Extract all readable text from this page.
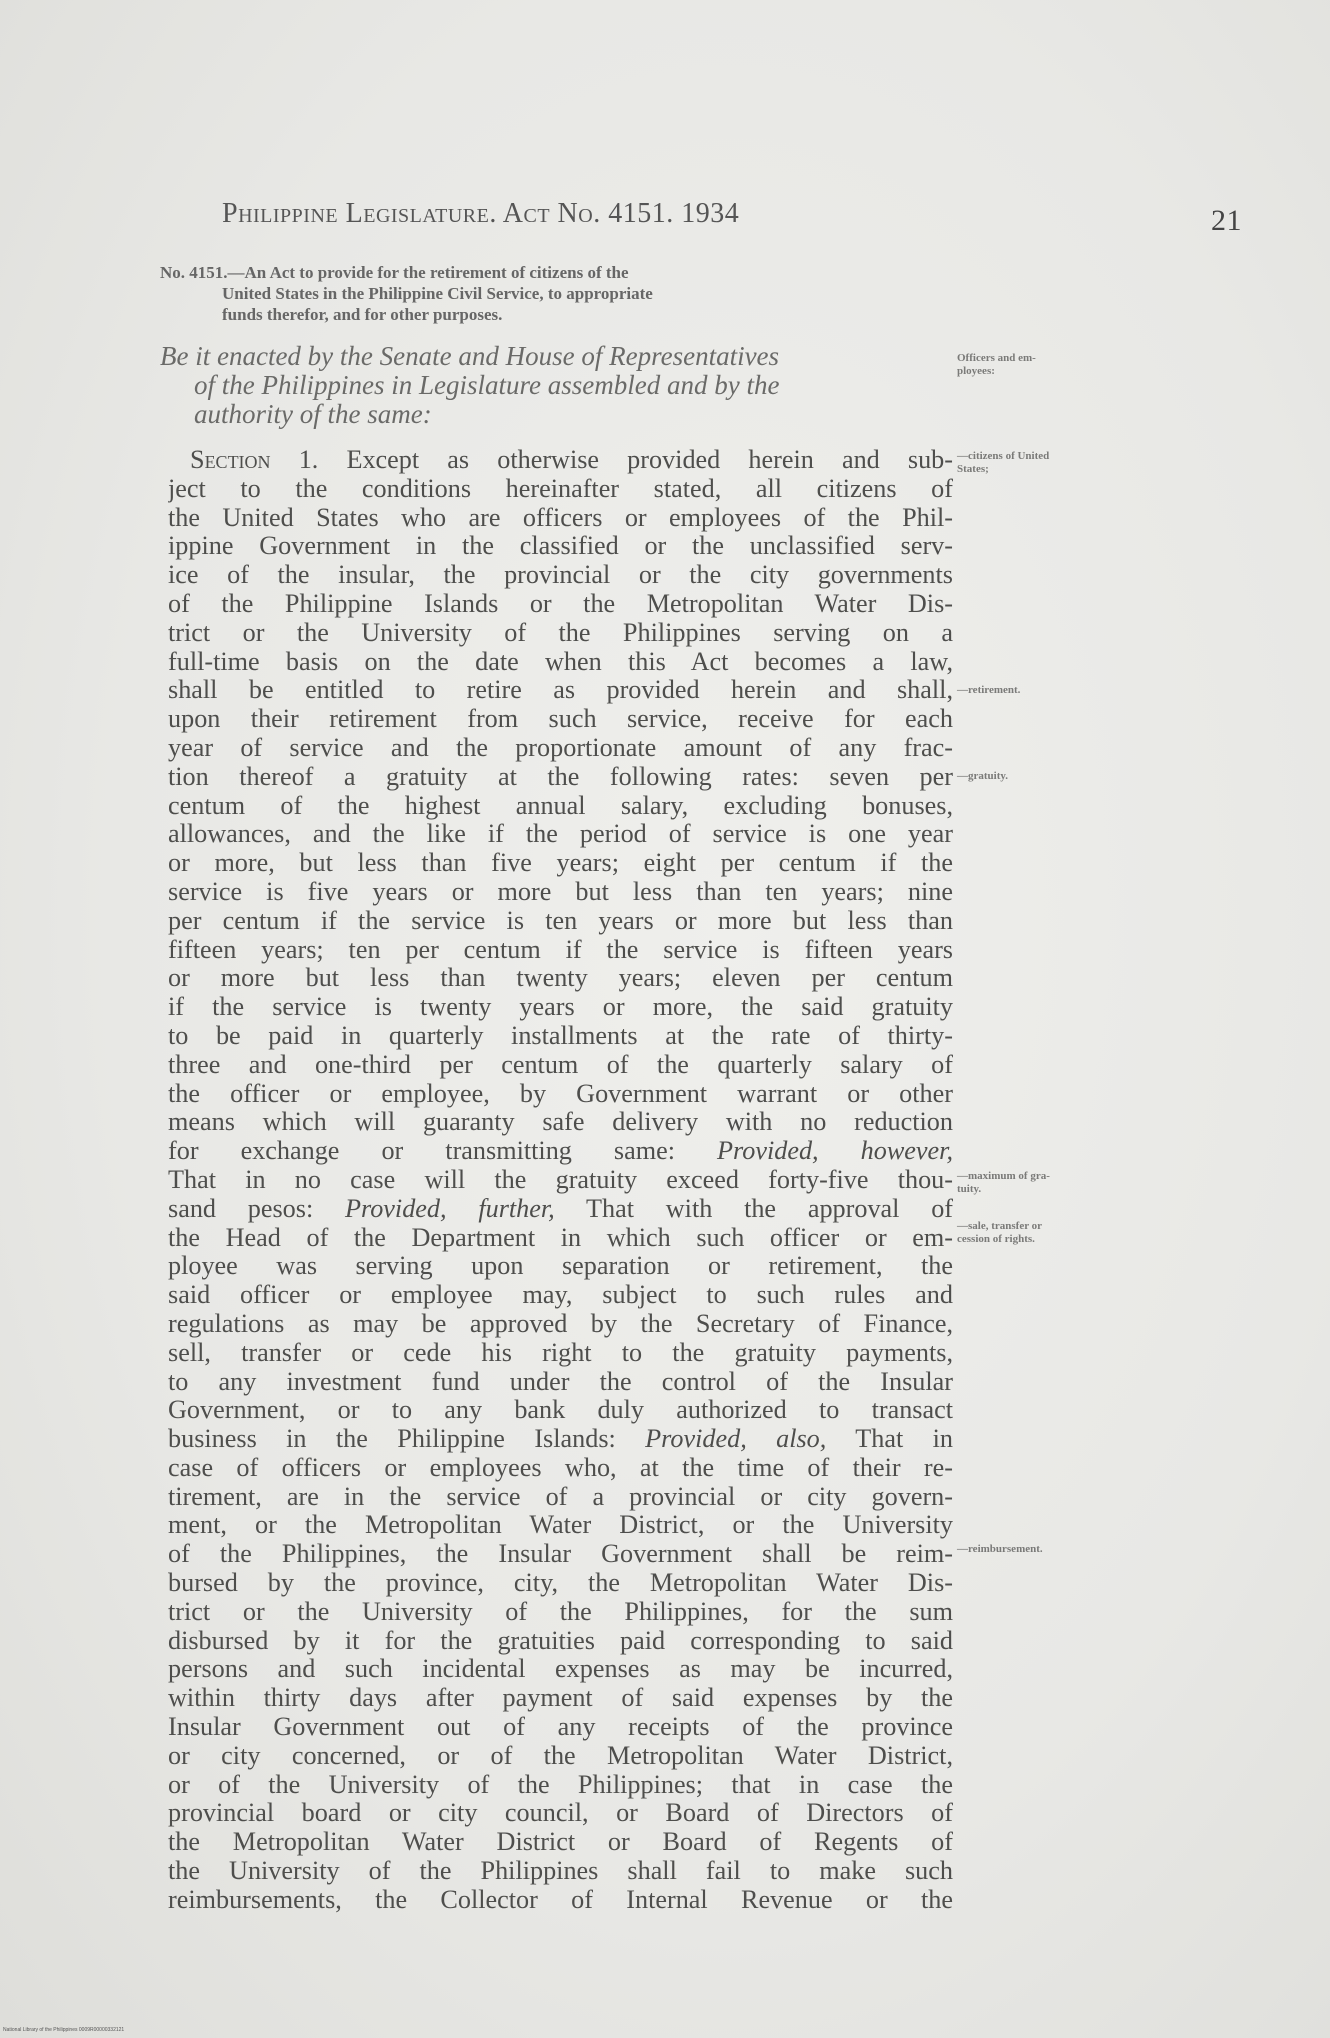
Philippine Legislature. Act No. 4151. 1934	21
No. 4151.—An Act to provide for the retirement of citizens of the
United States in the Philippine Civil Service, to appropriate
funds therefor, and for other purposes.
Be it enacted by the Senate and House of Representatives
of the Philippines in Legislature assembled and by the
authority of the same:
Section 1. Except as otherwise provided herein and sub-
ject to the conditions hereinafter stated, all citizens of
the United States who are officers or employees of the Phil-
ippine Government in the classified or the unclassified serv-
ice of the insular, the provincial or the city governments
of the Philippine Islands or the Metropolitan Water Dis-
trict or the University of the Philippines serving on a
full-time basis on the date when this Act becomes a law,
shall be entitled to retire as provided herein and shall,
upon their retirement from such service, receive for each
year of service and the proportionate amount of any frac-
tion thereof a gratuity at the following rates: seven per
centum of the highest annual salary, excluding bonuses,
allowances, and the like if the period of service is one year
or more, but less than five years; eight per centum if the
service is five years or more but less than ten years; nine
per centum if the service is ten years or more but less than
fifteen years; ten per centum if the service is fifteen years
or more but less than twenty years; eleven per centum
if the service is twenty years or more, the said gratuity
to be paid in quarterly installments at the rate of thirty-
three and one-third per centum of the quarterly salary of
the officer or employee, by Government warrant or other
means which will guaranty safe delivery with no reduction
for exchange or transmitting same: Provided, however,
That in no case will the gratuity exceed forty-five thou-
sand pesos: Provided, further, That with the approval of
the Head of the Department in which such officer or em-
ployee was serving upon separation or retirement, the
said officer or employee may, subject to such rules and
regulations as may be approved by the Secretary of Finance,
sell, transfer or cede his right to the gratuity payments,
to any investment fund under the control of the Insular
Government, or to any bank duly authorized to transact
business in the Philippine Islands: Provided, also, That in
case of officers or employees who, at the time of their re-
tirement, are in the service of a provincial or city govern-
ment, or the Metropolitan Water District, or the University
of the Philippines, the Insular Government shall be reim-
bursed by the province, city, the Metropolitan Water Dis-
trict or the University of the Philippines, for the sum
disbursed by it for the gratuities paid corresponding to said
persons and such incidental expenses as may be incurred,
within thirty days after payment of said expenses by the
Insular Government out of any receipts of the province
or city concerned, or of the Metropolitan Water District,
or of the University of the Philippines; that in case the
provincial board or city council, or Board of Directors of
the Metropolitan Water District or Board of Regents of
the University of the Philippines shall fail to make such
reimbursements, the Collector of Internal Revenue or the
Officers and em-
ployees:
—citizens of United
States;
—retirement.
—gratuity.
—maximum of gra-
tuity.
—sale, transfer or
cession of rights.
—reimbursement.
National Library of the Philippines 0009R00000332121
